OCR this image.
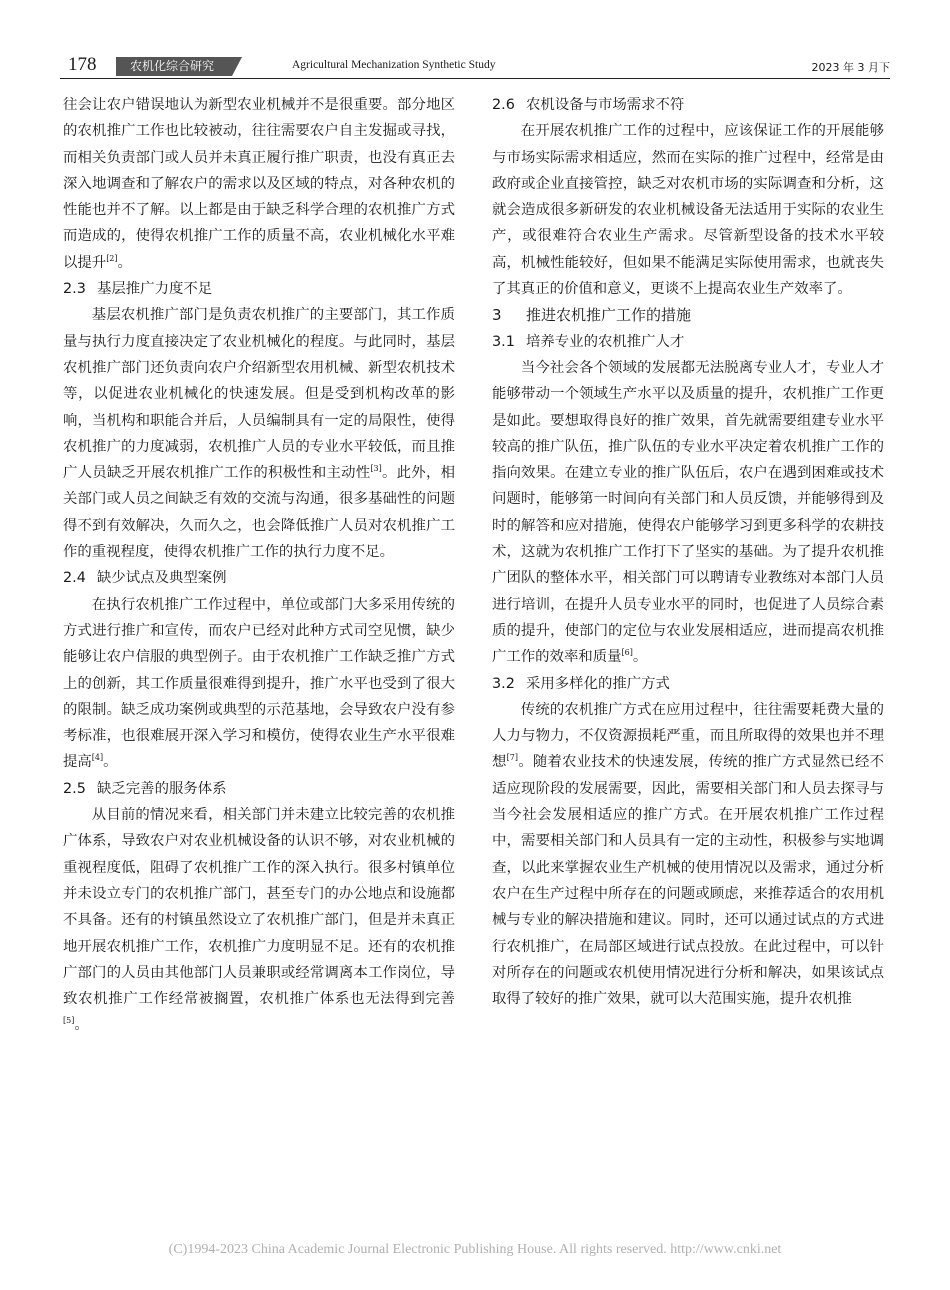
178	农机化综合研究	Agricultural Mechanization Synthetic Study	2023 年 3 月下

往会让农户错误地认为新型农业机械并不是很重要。部分地区的农机推广工作也比较被动，往往需要农户自主发掘或寻找，而相关负责部门或人员并未真正履行推广职责，也没有真正去深入地调查和了解农户的需求以及区域的特点，对各种农机的性能也并不了解。以上都是由于缺乏科学合理的农机推广方式而造成的，使得农机推广工作的质量不高，农业机械化水平难以提升[2]。

2.3 基层推广力度不足

基层农机推广部门是负责农机推广的主要部门，其工作质量与执行力度直接决定了农业机械化的程度。与此同时，基层农机推广部门还负责向农户介绍新型农用机械、新型农机技术等，以促进农业机械化的快速发展。但是受到机构改革的影响，当机构和职能合并后，人员编制具有一定的局限性，使得农机推广的力度减弱，农机推广人员的专业水平较低，而且推广人员缺乏开展农机推广工作的积极性和主动性[3]。此外，相关部门或人员之间缺乏有效的交流与沟通，很多基础性的问题得不到有效解决，久而久之，也会降低推广人员对农机推广工作的重视程度，使得农机推广工作的执行力度不足。

2.4 缺少试点及典型案例

在执行农机推广工作过程中，单位或部门大多采用传统的方式进行推广和宣传，而农户已经对此种方式司空见惯，缺少能够让农户信服的典型例子。由于农机推广工作缺乏推广方式上的创新，其工作质量很难得到提升，推广水平也受到了很大的限制。缺乏成功案例或典型的示范基地，会导致农户没有参考标准，也很难展开深入学习和模仿，使得农业生产水平很难提高[4]。

2.5 缺乏完善的服务体系

从目前的情况来看，相关部门并未建立比较完善的农机推广体系，导致农户对农业机械设备的认识不够，对农业机械的重视程度低，阻碍了农机推广工作的深入执行。很多村镇单位并未设立专门的农机推广部门，甚至专门的办公地点和设施都不具备。还有的村镇虽然设立了农机推广部门，但是并未真正地开展农机推广工作，农机推广力度明显不足。还有的农机推广部门的人员由其他部门人员兼职或经常调离本工作岗位，导致农机推广工作经常被搁置，农机推广体系也无法得到完善[5]。

2.6 农机设备与市场需求不符

在开展农机推广工作的过程中，应该保证工作的开展能够与市场实际需求相适应，然而在实际的推广过程中，经常是由政府或企业直接管控，缺乏对农机市场的实际调查和分析，这就会造成很多新研发的农业机械设备无法适用于实际的农业生产，或很难符合农业生产需求。尽管新型设备的技术水平较高，机械性能较好，但如果不能满足实际使用需求，也就丧失了其真正的价值和意义，更谈不上提高农业生产效率了。

3 推进农机推广工作的措施
3.1 培养专业的农机推广人才

当今社会各个领域的发展都无法脱离专业人才，专业人才能够带动一个领域生产水平以及质量的提升，农机推广工作更是如此。要想取得良好的推广效果，首先就需要组建专业水平较高的推广队伍，推广队伍的专业水平决定着农机推广工作的指向效果。在建立专业的推广队伍后，农户在遇到困难或技术问题时，能够第一时间向有关部门和人员反馈，并能够得到及时的解答和应对措施，使得农户能够学习到更多科学的农耕技术，这就为农机推广工作打下了坚实的基础。为了提升农机推广团队的整体水平，相关部门可以聘请专业教练对本部门人员进行培训，在提升人员专业水平的同时，也促进了人员综合素质的提升，使部门的定位与农业发展相适应，进而提高农机推广工作的效率和质量[6]。

3.2 采用多样化的推广方式

传统的农机推广方式在应用过程中，往往需要耗费大量的人力与物力，不仅资源损耗严重，而且所取得的效果也并不理想[7]。随着农业技术的快速发展，传统的推广方式显然已经不适应现阶段的发展需要，因此，需要相关部门和人员去探寻与当今社会发展相适应的推广方式。在开展农机推广工作过程中，需要相关部门和人员具有一定的主动性，积极参与实地调查，以此来掌握农业生产机械的使用情况以及需求，通过分析农户在生产过程中所存在的问题或顾虑，来推荐适合的农用机械与专业的解决措施和建议。同时，还可以通过试点的方式进行农机推广，在局部区域进行试点投放。在此过程中，可以针对所存在的问题或农机使用情况进行分析和解决，如果该试点取得了较好的推广效果，就可以大范围实施，提升农机推

(C)1994-2023 China Academic Journal Electronic Publishing House. All rights reserved. http://www.cnki.net
